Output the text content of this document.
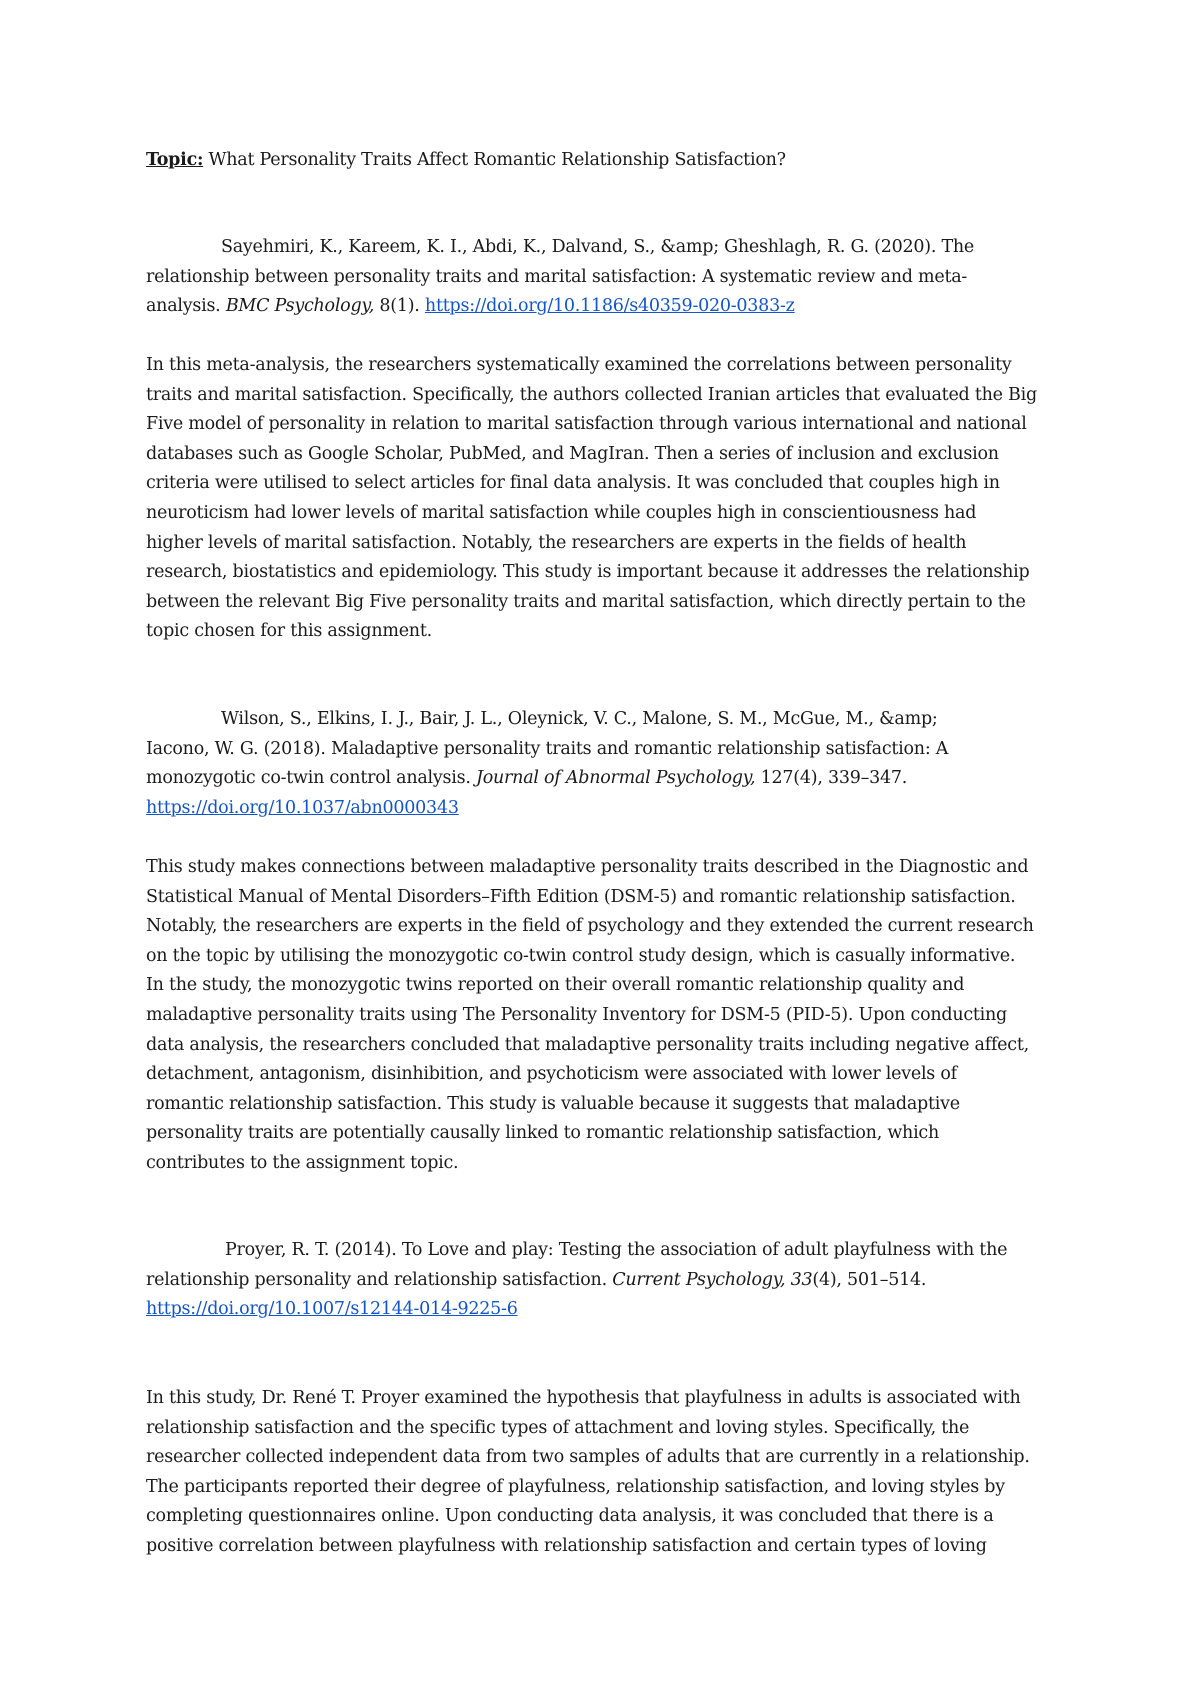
Topic: What Personality Traits Affect Romantic Relationship Satisfaction?
Sayehmiri, K., Kareem, K. I., Abdi, K., Dalvand, S., &amp; Gheshlagh, R. G. (2020). The
relationship between personality traits and marital satisfaction: A systematic review and meta-
analysis. BMC Psychology, 8(1). https://doi.org/10.1186/s40359-020-0383-z
In this meta-analysis, the researchers systematically examined the correlations between personality
traits and marital satisfaction. Specifically, the authors collected Iranian articles that evaluated the Big
Five model of personality in relation to marital satisfaction through various international and national
databases such as Google Scholar, PubMed, and MagIran. Then a series of inclusion and exclusion
criteria were utilised to select articles for final data analysis. It was concluded that couples high in
neuroticism had lower levels of marital satisfaction while couples high in conscientiousness had
higher levels of marital satisfaction. Notably, the researchers are experts in the fields of health
research, biostatistics and epidemiology. This study is important because it addresses the relationship
between the relevant Big Five personality traits and marital satisfaction, which directly pertain to the
topic chosen for this assignment.
Wilson, S., Elkins, I. J., Bair, J. L., Oleynick, V. C., Malone, S. M., McGue, M., &amp;
Iacono, W. G. (2018). Maladaptive personality traits and romantic relationship satisfaction: A
monozygotic co-twin control analysis. Journal of Abnormal Psychology, 127(4), 339–347.
https://doi.org/10.1037/abn0000343
This study makes connections between maladaptive personality traits described in the Diagnostic and
Statistical Manual of Mental Disorders–Fifth Edition (DSM-5) and romantic relationship satisfaction.
Notably, the researchers are experts in the field of psychology and they extended the current research
on the topic by utilising the monozygotic co-twin control study design, which is casually informative.
In the study, the monozygotic twins reported on their overall romantic relationship quality and
maladaptive personality traits using The Personality Inventory for DSM-5 (PID-5). Upon conducting
data analysis, the researchers concluded that maladaptive personality traits including negative affect,
detachment, antagonism, disinhibition, and psychoticism were associated with lower levels of
romantic relationship satisfaction. This study is valuable because it suggests that maladaptive
personality traits are potentially causally linked to romantic relationship satisfaction, which
contributes to the assignment topic.
Proyer, R. T. (2014). To Love and play: Testing the association of adult playfulness with the
relationship personality and relationship satisfaction. Current Psychology, 33(4), 501–514.
https://doi.org/10.1007/s12144-014-9225-6
In this study, Dr. René T. Proyer examined the hypothesis that playfulness in adults is associated with
relationship satisfaction and the specific types of attachment and loving styles. Specifically, the
researcher collected independent data from two samples of adults that are currently in a relationship.
The participants reported their degree of playfulness, relationship satisfaction, and loving styles by
completing questionnaires online. Upon conducting data analysis, it was concluded that there is a
positive correlation between playfulness with relationship satisfaction and certain types of loving
